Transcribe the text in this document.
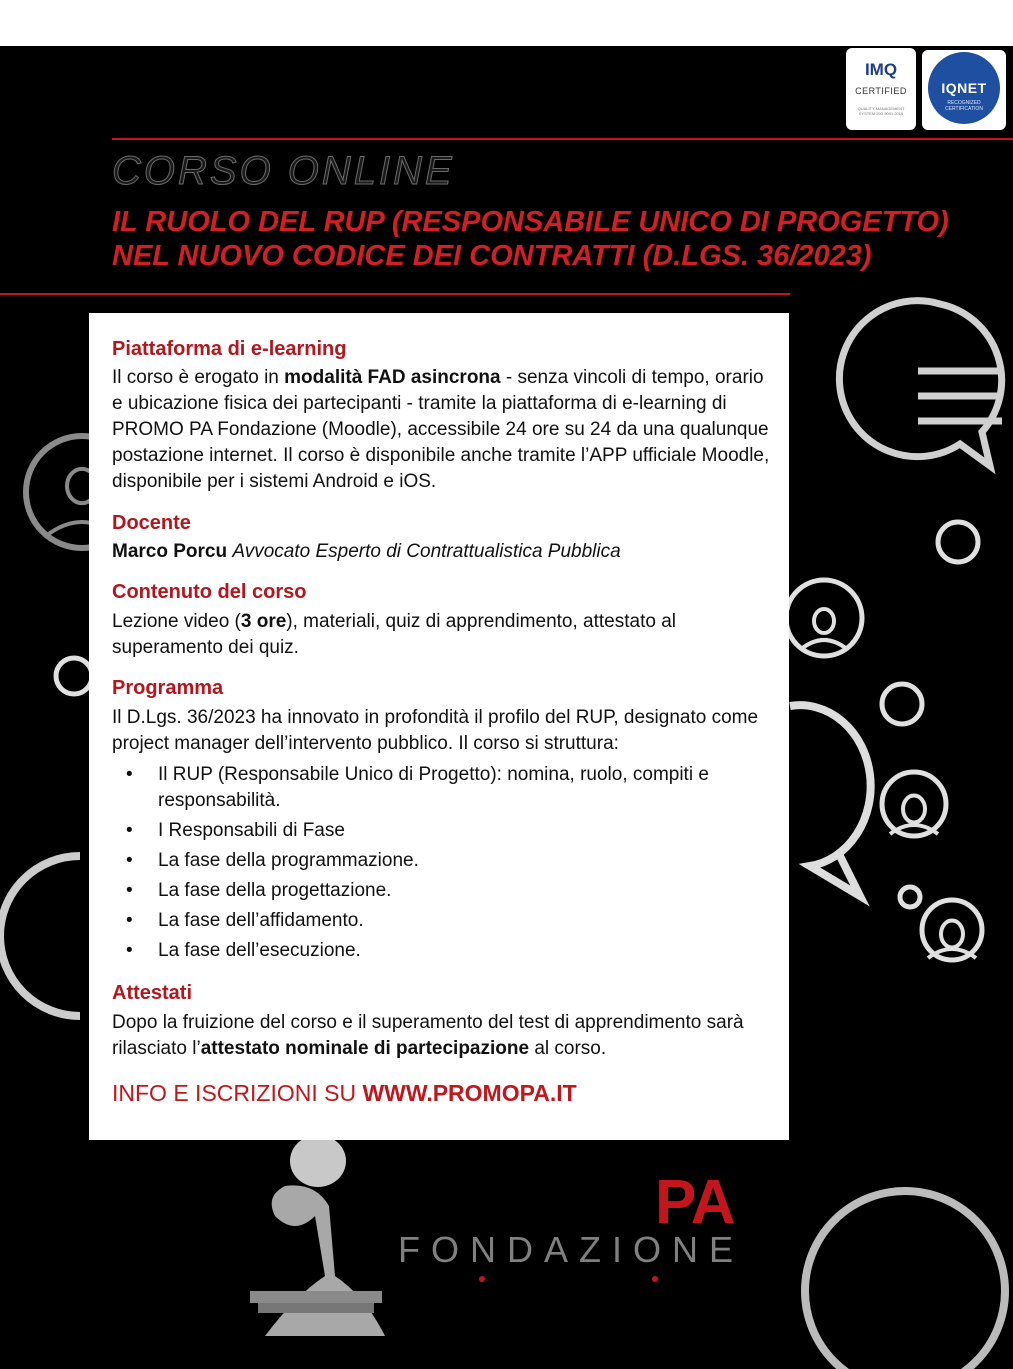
IMQ
CERTIFIED
QUALITY MANAGEMENT SYSTEM ISO 9001:2015
IQNET
RECOGNIZED CERTIFICATION
CORSO ONLINE
IL RUOLO DEL RUP (RESPONSABILE UNICO DI PROGETTO)
NEL NUOVO CODICE DEI CONTRATTI (D.LGS. 36/2023)
Piattaforma di e-learning
Il corso è erogato in modalità FAD asincrona - senza vincoli di tempo, orario e ubicazione fisica dei partecipanti - tramite la piattaforma di e-learning di PROMO PA Fondazione (Moodle), accessibile 24 ore su 24 da una qualunque postazione internet. Il corso è disponibile anche tramite l’APP ufficiale Moodle, disponibile per i sistemi Android e iOS.
Docente
Marco Porcu Avvocato Esperto di Contrattualistica Pubblica
Contenuto del corso
Lezione video (3 ore), materiali, quiz di apprendimento, attestato al superamento dei quiz.
Programma
Il D.Lgs. 36/2023 ha innovato in profondità il profilo del RUP, designato come project manager dell’intervento pubblico. Il corso si struttura:
• Il RUP (Responsabile Unico di Progetto): nomina, ruolo, compiti e responsabilità.
• I Responsabili di Fase
• La fase della programmazione.
• La fase della progettazione.
• La fase dell’affidamento.
• La fase dell’esecuzione.
Attestati
Dopo la fruizione del corso e il superamento del test di apprendimento sarà rilasciato l’attestato nominale di partecipazione al corso.
INFO E ISCRIZIONI SU WWW.PROMOPA.IT
PA
FONDAZIONE
